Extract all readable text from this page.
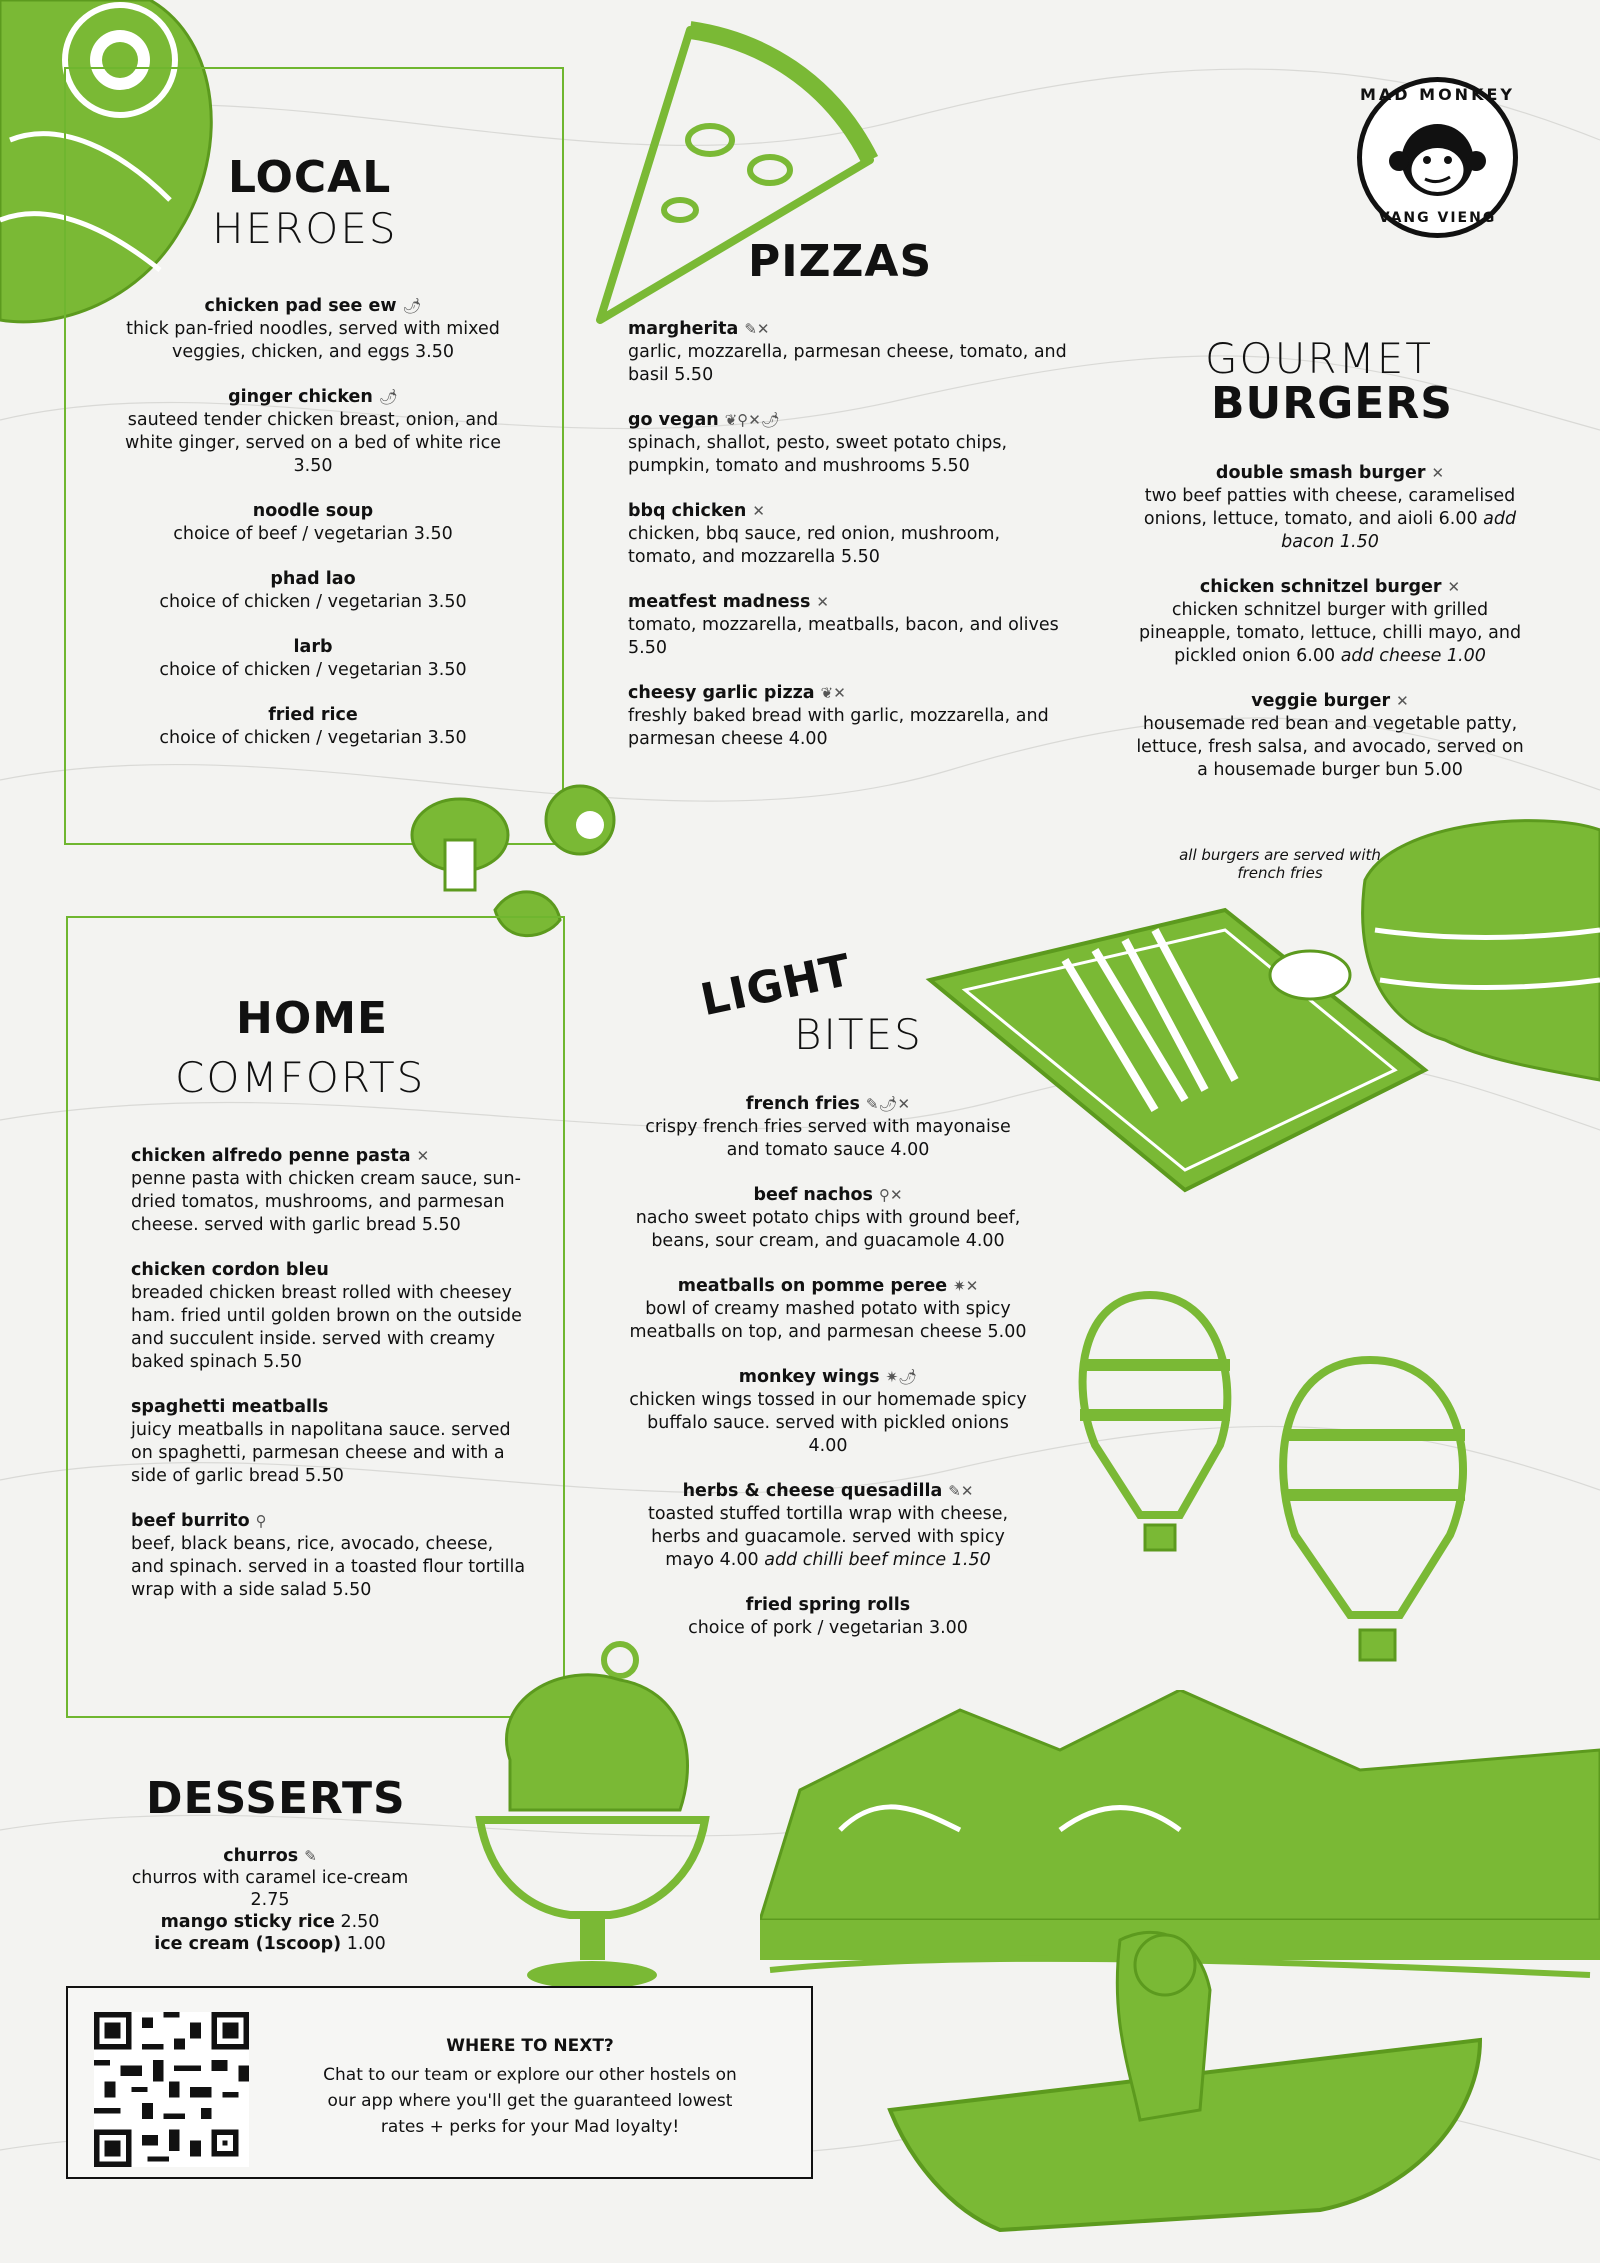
MAD MONKEY
VANG VIENG
LOCAL
HEROES
chicken pad see ew 🌶
thick pan-fried noodles, served with mixed veggies, chicken, and eggs 3.50
ginger chicken 🌶
sauteed tender chicken breast, onion, and white ginger, served on a bed of white rice 3.50
noodle soup
choice of beef / vegetarian 3.50
phad lao
choice of chicken / vegetarian 3.50
larb
choice of chicken / vegetarian 3.50
fried rice
choice of chicken / vegetarian 3.50
PIZZAS
margherita ✎✕
garlic, mozzarella, parmesan cheese, tomato, and basil 5.50
go vegan ❦⚲✕🌶
spinach, shallot, pesto, sweet potato chips, pumpkin, tomato and mushrooms 5.50
bbq chicken ✕
chicken, bbq sauce, red onion, mushroom, tomato, and mozzarella 5.50
meatfest madness ✕
tomato, mozzarella, meatballs, bacon, and olives 5.50
cheesy garlic pizza ❦✕
freshly baked bread with garlic, mozzarella, and parmesan cheese 4.00
GOURMET
BURGERS
double smash burger ✕
two beef patties with cheese, caramelised onions, lettuce, tomato, and aioli 6.00 add bacon 1.50
chicken schnitzel burger ✕
chicken schnitzel burger with grilled pineapple, tomato, lettuce, chilli mayo, and pickled onion 6.00 add cheese 1.00
veggie burger ✕
housemade red bean and vegetable patty, lettuce, fresh salsa, and avocado, served on a housemade burger bun 5.00
all burgers are served with french fries
HOME
COMFORTS
chicken alfredo penne pasta ✕
penne pasta with chicken cream sauce, sun-dried tomatos, mushrooms, and parmesan cheese. served with garlic bread 5.50
chicken cordon bleu
breaded chicken breast rolled with cheesey ham. fried until golden brown on the outside and succulent inside. served with creamy baked spinach 5.50
spaghetti meatballs
juicy meatballs in napolitana sauce. served on spaghetti, parmesan cheese and with a side of garlic bread 5.50
beef burrito ⚲
beef, black beans, rice, avocado, cheese, and spinach. served in a toasted flour tortilla wrap with a side salad 5.50
LIGHT
BITES
french fries ✎🌶✕
crispy french fries served with mayonaise and tomato sauce 4.00
beef nachos ⚲✕
nacho sweet potato chips with ground beef, beans, sour cream, and guacamole 4.00
meatballs on pomme peree ✷✕
bowl of creamy mashed potato with spicy meatballs on top, and parmesan cheese 5.00
monkey wings ✷🌶
chicken wings tossed in our homemade spicy buffalo sauce. served with pickled onions 4.00
herbs & cheese quesadilla ✎✕
toasted stuffed tortilla wrap with cheese, herbs and guacamole. served with spicy mayo 4.00 add chilli beef mince 1.50
fried spring rolls
choice of pork / vegetarian 3.00
DESSERTS
churros ✎
churros with caramel ice-cream 2.75
mango sticky rice 2.50
ice cream (1scoop) 1.00
WHERE TO NEXT?
Chat to our team or explore our other hostels on our app where you'll get the guaranteed lowest rates + perks for your Mad loyalty!
